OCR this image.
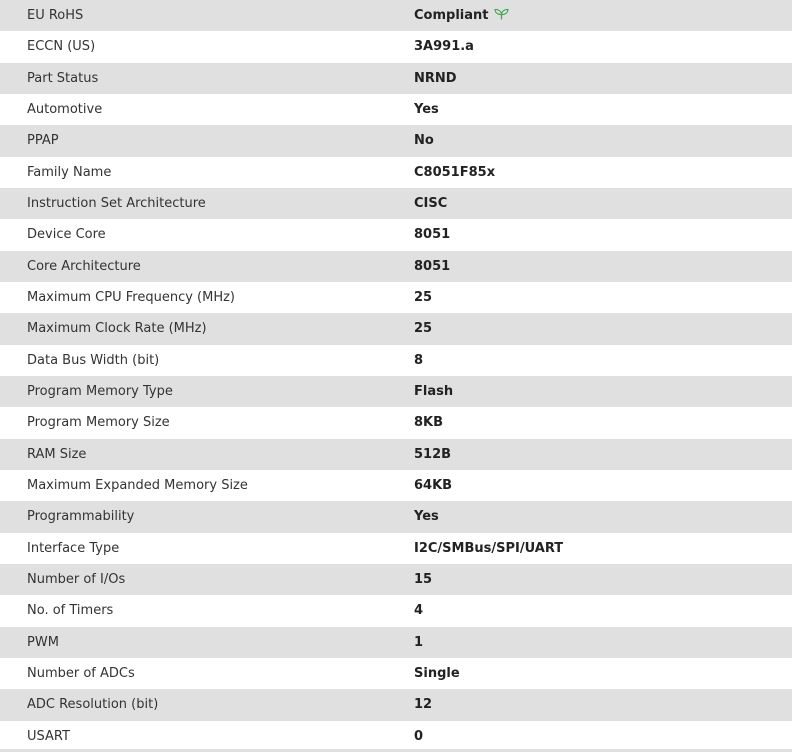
EU RoHS	Compliant
ECCN (US)	3A991.a
Part Status	NRND
Automotive	Yes
PPAP	No
Family Name	C8051F85x
Instruction Set Architecture	CISC
Device Core	8051
Core Architecture	8051
Maximum CPU Frequency (MHz)	25
Maximum Clock Rate (MHz)	25
Data Bus Width (bit)	8
Program Memory Type	Flash
Program Memory Size	8KB
RAM Size	512B
Maximum Expanded Memory Size	64KB
Programmability	Yes
Interface Type	I2C/SMBus/SPI/UART
Number of I/Os	15
No. of Timers	4
PWM	1
Number of ADCs	Single
ADC Resolution (bit)	12
USART	0
